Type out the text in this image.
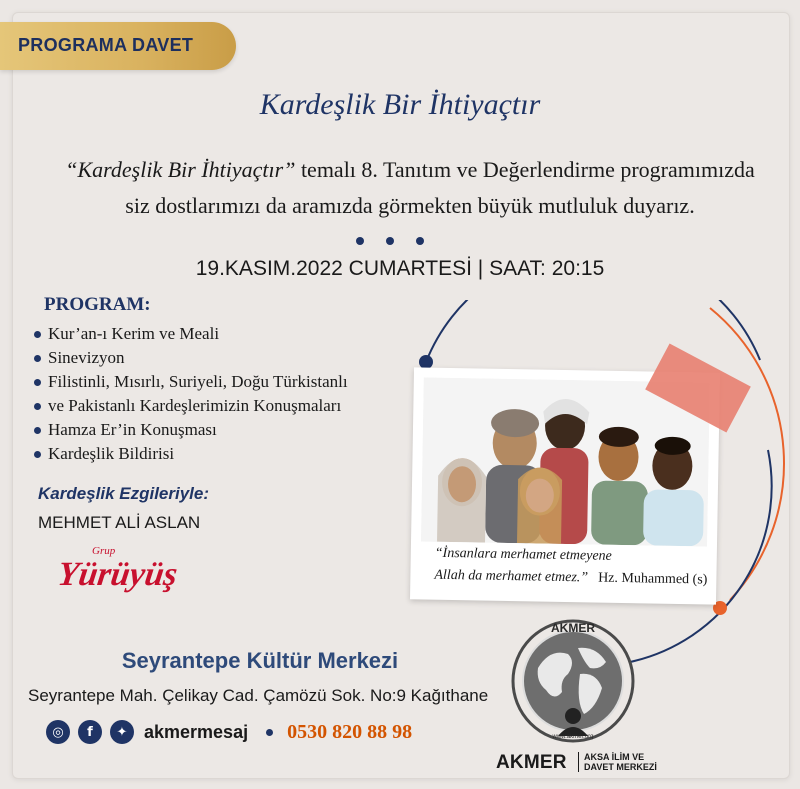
PROGRAMA DAVET
Kardeşlik Bir İhtiyaçtır
“Kardeşlik Bir İhtiyaçtır” temalı 8. Tanıtım ve Değerlendirme programımızda
siz dostlarımızı da aramızda görmekten büyük mutluluk duyarız.
19.KASIM.2022 CUMARTESİ | SAAT: 20:15
PROGRAM:
Kur’an-ı Kerim ve Meali
Sinevizyon
Filistinli, Mısırlı, Suriyeli, Doğu Türkistanlı
ve Pakistanlı Kardeşlerimizin Konuşmaları
Hamza Er’in Konuşması
Kardeşlik Bildirisi
Kardeşlik Ezgileriyle:
MEHMET ALİ ASLAN
Grup
Yürüyüş
“İnsanlara merhamet etmeyene
Allah da merhamet etmez.” Hz. Muhammed (s)
Seyrantepe Kültür Merkezi
Seyrantepe Mah. Çelikay Cad. Çamözü Sok. No:9 Kağıthane
◎	f	✦ akmermesaj 0530 820 88 98
AKMER
www.akmer.org
AKMER AKSA İLİM VE
DAVET MERKEZİ
